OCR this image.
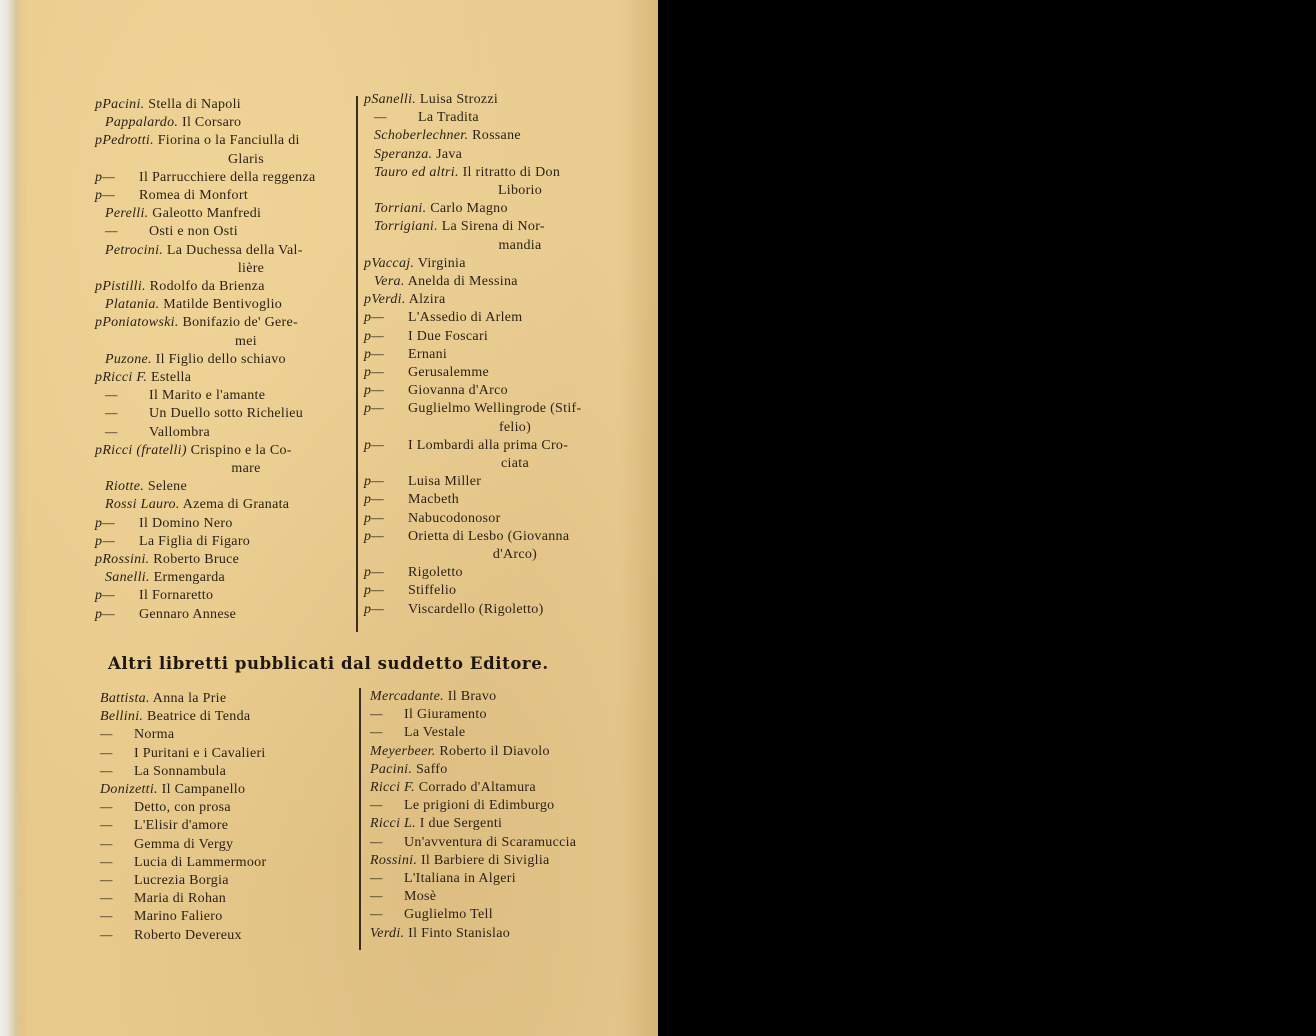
pPacini. Stella di Napoli
Pappalardo. Il Corsaro
pPedrotti. Fiorina o la Fanciulla di
Glaris
p— Il Parrucchiere della reggenza
p— Romea di Monfort
Perelli. Galeotto Manfredi
— Osti e non Osti
Petrocini. La Duchessa della Val-
lière
pPistilli. Rodolfo da Brienza
Platania. Matilde Bentivoglio
pPoniatowski. Bonifazio de' Gere-
mei
Puzone. Il Figlio dello schiavo
pRicci F. Estella
— Il Marito e l'amante
— Un Duello sotto Richelieu
— Vallombra
pRicci (fratelli) Crispino e la Co-
mare
Riotte. Selene
Rossi Lauro. Azema di Granata
p— Il Domino Nero
p— La Figlia di Figaro
pRossini. Roberto Bruce
Sanelli. Ermengarda
p— Il Fornaretto
p— Gennaro Annese
pSanelli. Luisa Strozzi
— La Tradita
Schoberlechner. Rossane
Speranza. Java
Tauro ed altri. Il ritratto di Don
Liborio
Torriani. Carlo Magno
Torrigiani. La Sirena di Nor-
mandia
pVaccaj. Virginia
Vera. Anelda di Messina
pVerdi. Alzira
p— L'Assedio di Arlem
p— I Due Foscari
p— Ernani
p— Gerusalemme
p— Giovanna d'Arco
p— Guglielmo Wellingrode (Stif-
felio)
p— I Lombardi alla prima Cro-
ciata
p— Luisa Miller
p— Macbeth
p— Nabucodonosor
p— Orietta di Lesbo (Giovanna
d'Arco)
p— Rigoletto
p— Stiffelio
p— Viscardello (Rigoletto)
Altri libretti pubblicati dal suddetto Editore.
Battista. Anna la Prie
Bellini. Beatrice di Tenda
— Norma
— I Puritani e i Cavalieri
— La Sonnambula
Donizetti. Il Campanello
— Detto, con prosa
— L'Elisir d'amore
— Gemma di Vergy
— Lucia di Lammermoor
— Lucrezia Borgia
— Maria di Rohan
— Marino Faliero
— Roberto Devereux
Mercadante. Il Bravo
— Il Giuramento
— La Vestale
Meyerbeer. Roberto il Diavolo
Pacini. Saffo
Ricci F. Corrado d'Altamura
— Le prigioni di Edimburgo
Ricci L. I due Sergenti
— Un'avventura di Scaramuccia
Rossini. Il Barbiere di Siviglia
— L'Italiana in Algeri
— Mosè
— Guglielmo Tell
Verdi. Il Finto Stanislao
